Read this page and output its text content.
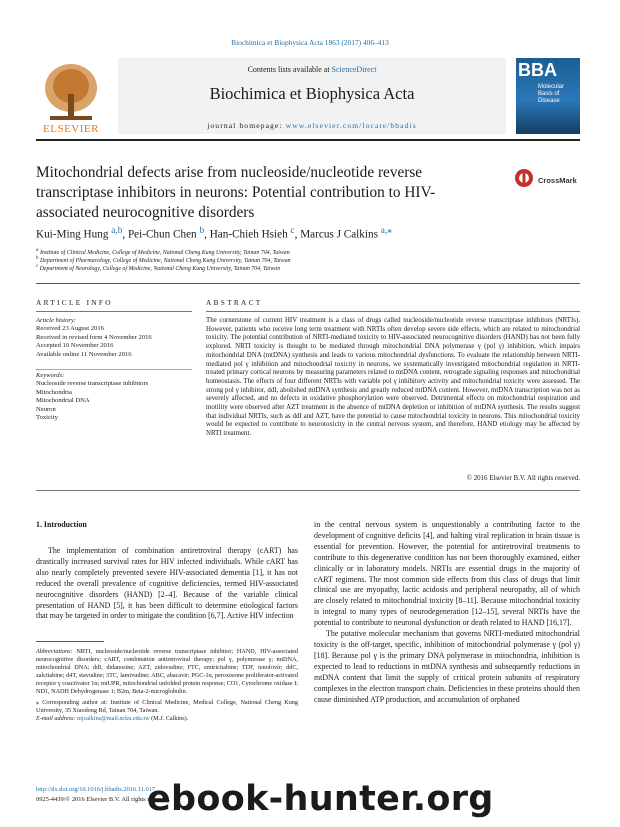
Biochimica et Biophysica Acta 1863 (2017) 406–413
Contents lists available at ScienceDirect
Biochimica et Biophysica Acta
journal homepage: www.elsevier.com/locate/bbadis
ELSEVIER
BBA
Molecular Basis of Disease
Mitochondrial defects arise from nucleoside/nucleotide reverse transcriptase inhibitors in neurons: Potential contribution to HIV-associated neurocognitive disorders
CrossMark
Kui-Ming Hung $^{a,b}$, Pei-Chun Chen $^b$, Han-Chieh Hsieh $^c$, Marcus J Calkins $^{a,⁎}$
$^a$ Institute of Clinical Medicine, College of Medicine, National Cheng Kung University, Tainan 704, Taiwan
$^b$ Department of Pharmacology, College of Medicine, National Cheng Kung University, Tainan 704, Taiwan
$^c$ Department of Neurology, College of Medicine, National Cheng Kung University, Tainan 704, Taiwan
ARTICLE INFO	ABSTRACT
Article history:
Received 23 August 2016
Received in revised form 4 November 2016
Accepted 10 November 2016
Available online 11 November 2016
Keywords:
Nucleoside reverse transcriptase inhibitors
Mitochondria
Mitochondrial DNA
Neuron
Toxicity
The cornerstone of current HIV treatment is a class of drugs called nucleoside/nucleotide reverse transcriptase inhibitors (NRTIs). However, patients who receive long term treatment with NRTIs often develop severe side effects, which are related to mitochondrial toxicity. The potential contribution of NRTI-mediated toxicity to HIV-associated neurocognitive disorders (HAND) has not been fully explored. NRTI toxicity is thought to be mediated through mitochondrial DNA polymerase γ (pol γ) inhibition, which impairs mitochondrial DNA (mtDNA) synthesis and leads to various mitochondrial dysfunctions. To evaluate the relationship between NRTI-mediated pol γ inhibition and mitochondrial toxicity in neurons, we systematically investigated mitochondrial regulation in NRTI-treated primary cortical neurons by measuring parameters related to mtDNA content, retrograde signaling responses and mitochondrial homeostasis. The effects of four different NRTIs with variable pol γ inhibitory activity and mitochondrial toxicity were assessed. The strong pol γ inhibitor, ddI, abolished mtDNA synthesis and greatly reduced mtDNA content. However, mtDNA transcription was not as severely affected, and no defects in oxidative phosphorylation were observed. Detrimental effects on mitochondrial respiration and motility were observed after AZT treatment in the absence of mtDNA depletion or inhibition of mtDNA synthesis. The results suggest that individual NRTIs, such as ddI and AZT, have the potential to cause mitochondrial toxicity in neurons. This mitochondrial toxicity would be expected to contribute to neurotoxicity in the central nervous system, and therefore, HAND etiology may be affected by NRTI treatment.
© 2016 Elsevier B.V. All rights reserved.
1. Introduction
The implementation of combination antiretroviral therapy (cART) has drastically increased survival rates for HIV infected individuals. While cART has also nearly completely prevented severe HIV-associated dementia [1], it has not reduced the overall prevalence of cognitive deficiencies, termed HIV-associated neurocognitive disorders (HAND) [2–4]. Because of the variable clinical presentation of HAND [5], it has been difficult to determine etiological factors that may be targeted in order to mitigate the condition [6,7]. Active HIV infection
in the central nervous system is unquestionably a contributing factor to the development of cognitive deficits [4], and halting viral replication in brain tissue is essential for prevention. However, the potential for antiretroviral treatments to contribute to this degenerative condition has not been thoroughly examined, either clinically or in laboratory models. NRTIs are essential drugs in the majority of cART regimens. The most common side effects from this class of drugs that limit clinical use are myopathy, lactic acidosis and peripheral neuropathy, all of which are closely related to mitochondrial toxicity [8–11]. Because mitochondrial toxicity is integral to many types of neurodegeneration [12–15], several NRTIs have the potential to contribute to neuronal dysfunction or death related to HAND [16,17].
The putative molecular mechanism that governs NRTI-mediated mitochondrial toxicity is the off-target, specific, inhibition of mitochondrial polymerase γ (pol γ) [18]. Because pol γ is the primary DNA polymerase in mitochondria, inhibition is expected to lead to reductions in mtDNA synthesis and subsequently reductions in mtDNA content that limit the supply of critical protein subunits of respiratory complexes in the electron transport chain. Deficiencies in these proteins should then cause diminished ATP production, and accumulation of orphaned
Abbreviations: NRTI, nucleoside/nucleotide reverse transcriptase inhibitor; HAND, HIV-associated neurocognitive disorders; cART, combination antiretroviral therapy; pol γ, polymerase γ; mtDNA, mitochondrial DNA; ddI, didanosine; AZT, zidovudine; FTC, emtricitabine; TDF, tenofovir; ddC, zalcitabine; d4T, stavudine; 3TC, lamivudine; ABC, abacavir; PGC-1α, peroxisome proliferator-activated receptor γ coactivator 1α; mtUPR, mitochondrial unfolded protein response; CO1, Cytochrome oxidase I; ND1, NADH Dehydrogenase 1; B2m, Beta-2-microglobulin.
⁎ Corresponding author at: Institute of Clinical Medicine, Medical College, National Cheng Kung University, 35 Xiaodong Rd, Tainan 704, Taiwan.
E-mail address: mjcalkins@mail.ncku.edu.tw (M.J. Calkins).
http://dx.doi.org/10.1016/j.bbadis.2016.11.017
0925-4439/© 2016 Elsevier B.V. All rights reserved.
ebook-hunter.org
